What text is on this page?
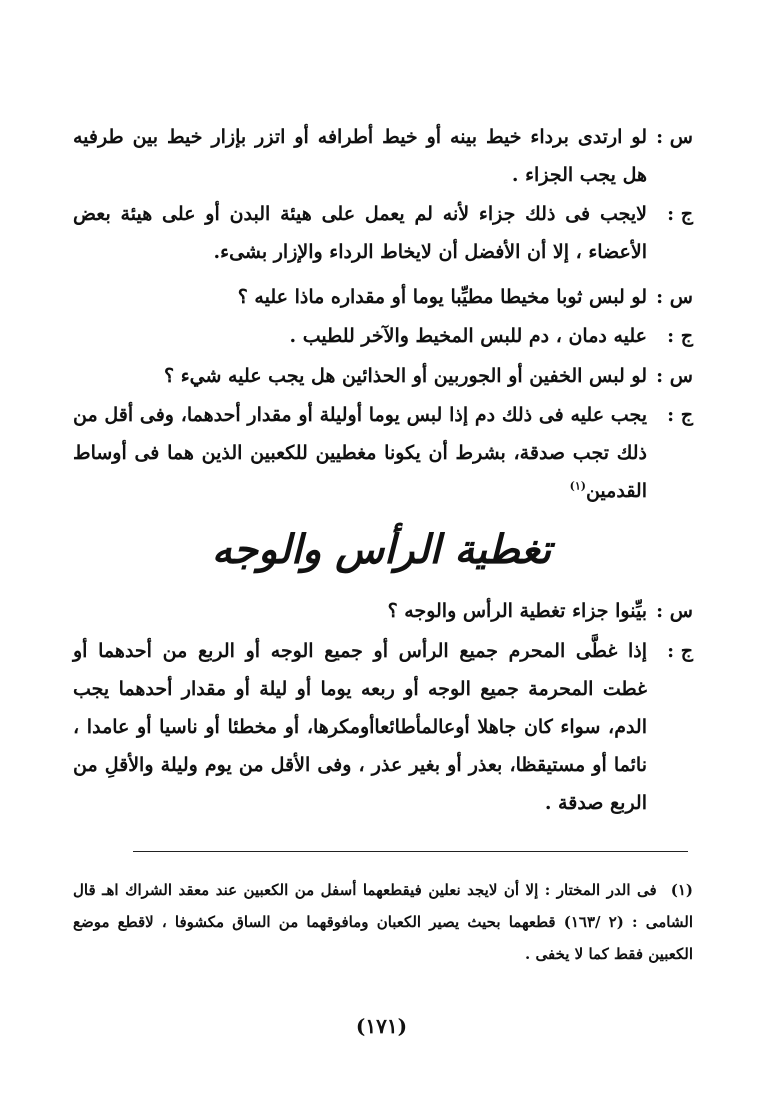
س :
لو ارتدى برداء خيط بينه أو خيط أطرافه أو اتزر بإزار خيط بين طرفيه هل يجب الجزاء .
ج :
لايجب فى ذلك جزاء لأنه لم يعمل على هيئة البدن أو على هيئة بعض الأعضاء ، إلا أن الأفضل أن لايخاط الرداء والإزار بشىء.
س :
لو لبس ثوبا مخيطا مطيِّبا يوما أو مقداره ماذا عليه ؟
ج :
عليه دمان ، دم للبس المخيط والآخر للطيب .
س :
لو لبس الخفين أو الجوربين أو الحذائين هل يجب عليه شيء ؟
ج :
يجب عليه فى ذلك دم إذا لبس يوما أوليلة أو مقدار أحدهما، وفى أقل من ذلك تجب صدقة، بشرط أن يكونا مغطيين للكعبين الذين هما فى أوساط القدمين$^{(١)}$
تغطية الرأس والوجه
س :
بيِّنوا جزاء تغطية الرأس والوجه ؟
ج :
إذا غطَّى المحرم جميع الرأس أو جميع الوجه أو الربع من أحدهما أو غطت المحرمة جميع الوجه أو ربعه يوما أو ليلة أو مقدار أحدهما يجب الدم، سواء كان جاهلا أوعالمأطائعاأومكرها، أو مخطئا أو ناسيا أو عامدا ، نائما أو مستيقظا، بعذر أو بغير عذر ، وفى الأقل من يوم وليلة والأقلِ من الربع صدقة .
(١)فى الدر المختار : إلا أن لايجد نعلين فيقطعهما أسفل من الكعبين عند معقد الشراك اهـ قال الشامى : (٢ /١٦٣) قطعهما بحيث يصير الكعبان ومافوقهما من الساق مكشوفا ، لاقطع موضع الكعبين فقط كما لا يخفى .
(١٧١)
